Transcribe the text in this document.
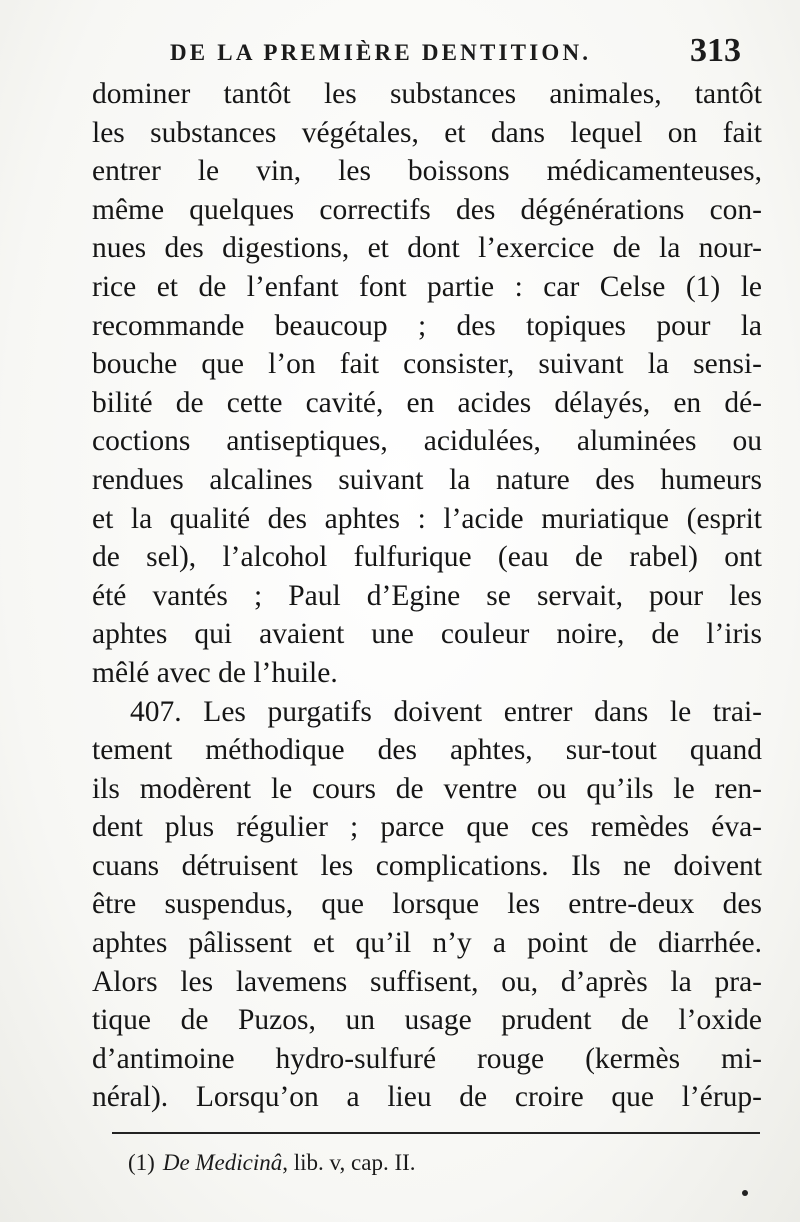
DE LA PREMIÈRE DENTITION.	313
dominer tantôt les substances animales, tantôt
les substances végétales, et dans lequel on fait
entrer le vin, les boissons médicamenteuses,
même quelques correctifs des dégénérations con-
nues des digestions, et dont l’exercice de la nour-
rice et de l’enfant font partie : car Celse (1) le
recommande beaucoup ; des topiques pour la
bouche que l’on fait consister, suivant la sensi-
bilité de cette cavité, en acides délayés, en dé-
coctions antiseptiques, acidulées, aluminées ou
rendues alcalines suivant la nature des humeurs
et la qualité des aphtes : l’acide muriatique (esprit
de sel), l’alcohol fulfurique (eau de rabel) ont
été vantés ; Paul d’Egine se servait, pour les
aphtes qui avaient une couleur noire, de l’iris
mêlé avec de l’huile.
407. Les purgatifs doivent entrer dans le trai-
tement méthodique des aphtes, sur-tout quand
ils modèrent le cours de ventre ou qu’ils le ren-
dent plus régulier ; parce que ces remèdes éva-
cuans détruisent les complications. Ils ne doivent
être suspendus, que lorsque les entre-deux des
aphtes pâlissent et qu’il n’y a point de diarrhée.
Alors les lavemens suffisent, ou, d’après la pra-
tique de Puzos, un usage prudent de l’oxide
d’antimoine hydro-sulfuré rouge (kermès mi-
néral). Lorsqu’on a lieu de croire que l’érup-
(1) De Medicinâ, lib. v, cap. II.
